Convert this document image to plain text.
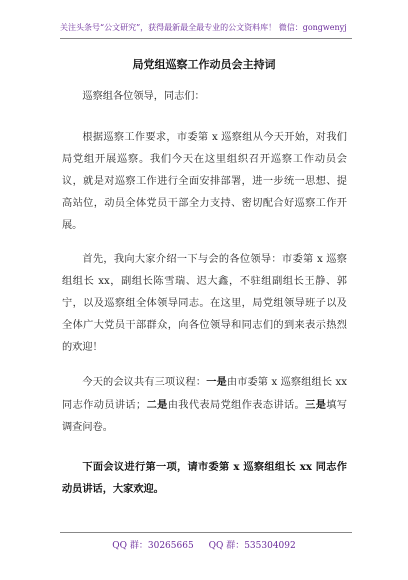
关注头条号“公文研究”，获得最新最全最专业的公文资料库！ 微信：gongwenyj
局党组巡察工作动员会主持词
巡察组各位领导，同志们：
根据巡察工作要求，市委第 x 巡察组从今天开始，对我们局党组开展巡察。我们今天在这里组织召开巡察工作动员会议，就是对巡察工作进行全面安排部署，进一步统一思想、提高站位，动员全体党员干部全力支持、密切配合好巡察工作开展。
首先，我向大家介绍一下与会的各位领导：市委第 x 巡察组组长 xx，副组长陈雪瑞、迟大鑫，不驻组副组长王静、郭宁，以及巡察组全体领导同志。在这里，局党组领导班子以及全体广大党员干部群众，向各位领导和同志们的到来表示热烈的欢迎！
今天的会议共有三项议程：一是由市委第 x 巡察组组长 xx 同志作动员讲话；二是由我代表局党组作表态讲话。三是填写调查问卷。
下面会议进行第一项，请市委第 x 巡察组组长 xx 同志作动员讲话，大家欢迎。
QQ 群：30265665 QQ 群：535304092
